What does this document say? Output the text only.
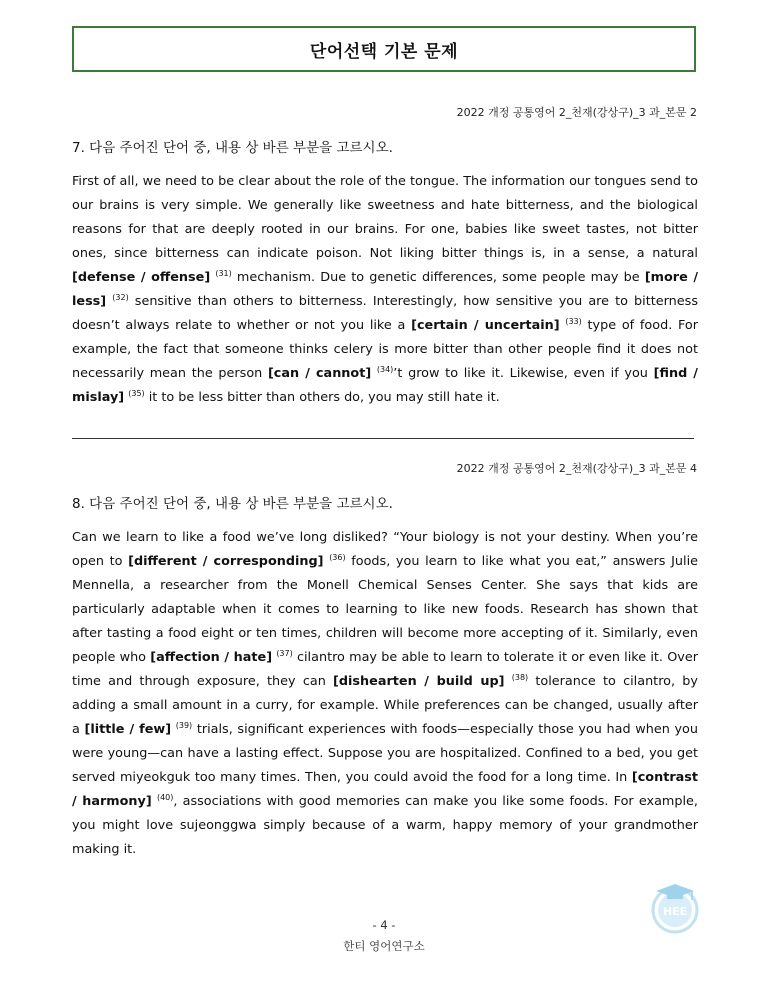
단어선택 기본 문제
2022 개정 공통영어 2_천재(강상구)_3 과_본문 2
7. 다음 주어진 단어 중, 내용 상 바른 부분을 고르시오.
First of all, we need to be clear about the role of the tongue. The information our tongues send to our brains is very simple. We generally like sweetness and hate bitterness, and the biological reasons for that are deeply rooted in our brains. For one, babies like sweet tastes, not bitter ones, since bitterness can indicate poison. Not liking bitter things is, in a sense, a natural [defense / offense] $^{(31)}$ mechanism. Due to genetic differences, some people may be [more / less] $^{(32)}$ sensitive than others to bitterness. Interestingly, how sensitive you are to bitterness doesn’t always relate to whether or not you like a [certain / uncertain] $^{(33)}$ type of food. For example, the fact that someone thinks celery is more bitter than other people find it does not necessarily mean the person [can / cannot] $^{(34)}$’t grow to like it. Likewise, even if you [find / mislay] $^{(35)}$ it to be less bitter than others do, you may still hate it.
2022 개정 공통영어 2_천재(강상구)_3 과_본문 4
8. 다음 주어진 단어 중, 내용 상 바른 부분을 고르시오.
Can we learn to like a food we’ve long disliked? “Your biology is not your destiny. When you’re open to [different / corresponding] $^{(36)}$ foods, you learn to like what you eat,” answers Julie Mennella, a researcher from the Monell Chemical Senses Center. She says that kids are particularly adaptable when it comes to learning to like new foods. Research has shown that after tasting a food eight or ten times, children will become more accepting of it. Similarly, even people who [affection / hate] $^{(37)}$ cilantro may be able to learn to tolerate it or even like it. Over time and through exposure, they can [dishearten / build up] $^{(38)}$ tolerance to cilantro, by adding a small amount in a curry, for example. While preferences can be changed, usually after a [little / few] $^{(39)}$ trials, significant experiences with foods—especially those you had when you were young—can have a lasting effect. Suppose you are hospitalized. Confined to a bed, you get served miyeokguk too many times. Then, you could avoid the food for a long time. In [contrast / harmony] $^{(40)}$, associations with good memories can make you like some foods. For example, you might love sujeonggwa simply because of a warm, happy memory of your grandmother making it.
HEE
- 4 -
한티 영어연구소
